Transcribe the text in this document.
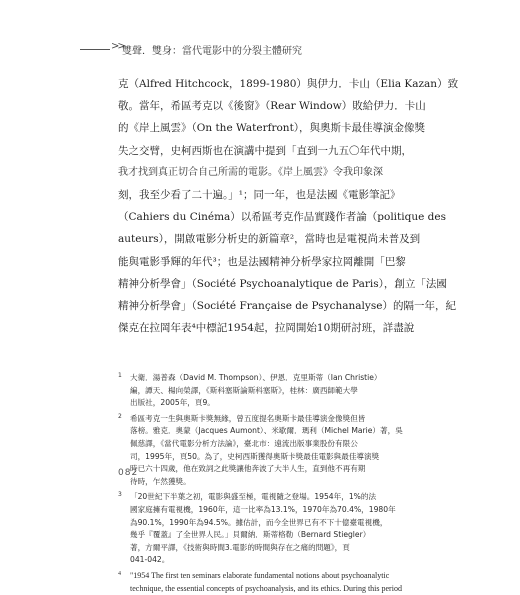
>>
雙聲．雙身：當代電影中的分裂主體研究
克（Alfred Hitchcock，1899-1980）與伊力．卡山（Elia Kazan）致
敬。當年，希區考克以《後窗》（Rear Window）敗給伊力．卡山
的《岸上風雲》（On the Waterfront），與奧斯卡最佳導演金像獎
失之交臂，史柯西斯也在演講中提到「直到一九五〇年代中期，
我才找到真正切合自己所需的電影。《岸上風雲》令我印象深
刻，我至少看了二十遍。」¹；同一年，也是法國《電影筆記》
（Cahiers du Cinéma）以希區考克作品實踐作者論（politique des
auteurs），開啟電影分析史的新篇章²，當時也是電視尚未普及到
能與電影爭輝的年代³；也是法國精神分析學家拉岡離開「巴黎
精神分析學會」（Société Psychoanalytique de Paris），創立「法國
精神分析學會」（Société Française de Psychanalyse）的隔一年，紀
傑克在拉岡年表⁴中標記1954起，拉岡開始10期研討班，詳盡說
1 大衛．湯普森（David M. Thompson）、伊恩．克里斯蒂（Ian Christie）
編，譚天、楊向榮譯，《斯科塞斯論斯科塞斯》，桂林：廣西師範大學
出版社，2005年，頁9。
2 希區考克一生與奧斯卡獎無緣，曾五度提名奧斯卡最佳導演金像獎但皆
落榜。雅克．奧蒙（Jacques Aumont）、米歇爾．瑪利（Michel Marie）著，吳
佩慈譯，《當代電影分析方法論》，臺北市：遠流出版事業股份有限公
司，1995年，頁50。為了，史柯西斯獲得奧斯卡獎最佳電影與最佳導演獎
時已六十四歲，他在致詞之此獎讓他奔波了大半人生，直到他不再有期
待時，乍然獲獎。
3 「20世紀下半葉之初，電影與盛至極，電視隨之登場。1954年，1%的法
國家庭擁有電視機，1960年，這一比率為13.1%，1970年為70.4%，1980年
為90.1%，1990年為94.5%。據估計，而今全世界已有不下十億臺電視機，
幾乎『覆蓋』了全世界人民。」貝爾納．斯蒂格勒（Bernard Stiegler）
著，方爾平譯，《技術與時間3.電影的時間與存在之痛的問題》，頁
041-042。
4 "1954 The first ten seminars elaborate fundamental notions about psychoanalytic
technique, the essential concepts of psychoanalysis, and its ethics. During this period
082
